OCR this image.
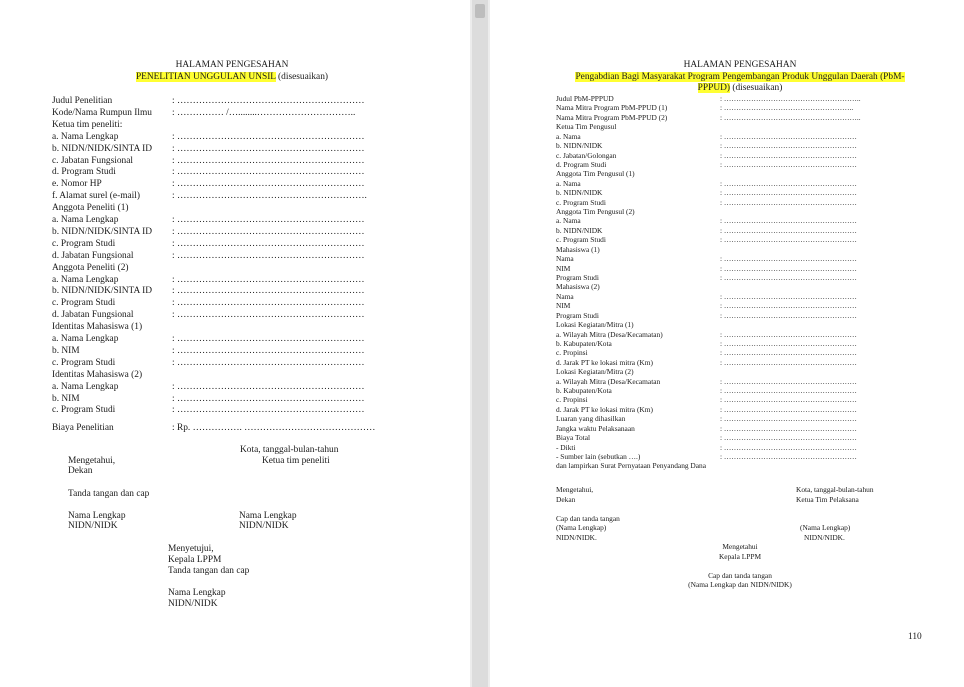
HALAMAN PENGESAHAN
PENELITIAN UNGGULAN UNSIL (disesuaikan)
Judul Penelitian	: ……………………………………………………
Kode/Nama Rumpun Ilmu : …………… /…........…………………………..
Ketua tim peneliti:
a. Nama Lengkap	: ……………………………………………………
b. NIDN/NIDK/SINTA ID : ……………………………………………………
c. Jabatan Fungsional	: ……………………………………………………
d. Program Studi	: ……………………………………………………
e. Nomor HP	: ……………………………………………………
f. Alamat surel (e-mail)	: …………………………………………………….
Anggota Peneliti (1)
a. Nama Lengkap	: ……………………………………………………
b. NIDN/NIDK/SINTA ID : ……………………………………………………
c. Program Studi	: ……………………………………………………
d. Jabatan Fungsional	: ……………………………………………………
Anggota Peneliti (2)
a. Nama Lengkap	: ……………………………………………………
b. NIDN/NIDK/SINTA ID : ……………………………………………………
c. Program Studi	: ……………………………………………………
d. Jabatan Fungsional	: ……………………………………………………
Identitas Mahasiswa (1)
a. Nama Lengkap	: ……………………………………………………
b. NIM	: ……………………………………………………
c. Program Studi	: ……………………………………………………
Identitas Mahasiswa (2)
a. Nama Lengkap	: ……………………………………………………
b. NIM	: ……………………………………………………
c. Program Studi	: ……………………………………………………
Biaya Penelitian	: Rp. ……………. ……………………………………
Kota, tanggal-bulan-tahun
Mengetahui,	Ketua tim peneliti
Dekan
Tanda tangan dan cap
Nama Lengkap	Nama Lengkap
NIDN/NIDK	NIDN/NIDK
Menyetujui,
Kepala LPPM
Tanda tangan dan cap
Nama Lengkap
NIDN/NIDK
HALAMAN PENGESAHAN
Pengabdian Bagi Masyarakat Program Pengembangan Produk Unggulan Daerah (PbM-
PPPUD) (disesuaikan)
Judul PbM-PPPUD	: ………………………………………………..
Nama Mitra Program PbM-PPUD (1)	: ……………………………………………..
Nama Mitra Program PbM-PPUD (2)	: ………………………………………………..
Ketua Tim Pengusul
a. Nama	: ………………………………………………
b. NIDN/NIDK	: ………………………………………………
c. Jabatan/Golongan	: ………………………………………………
d. Program Studi	: ………………………………………………
Anggota Tim Pengusul (1)
a. Nama	: ………………………………………………
b. NIDN/NIDK	: ………………………………………………
c. Program Studi	: ………………………………………………
Anggota Tim Pengusul (2)
a. Nama	: ………………………………………………
b. NIDN/NIDK	: ………………………………………………
c. Program Studi	: ………………………………………………
Mahasiswa (1)
Nama	: ………………………………………………
NIM	: ………………………………………………
Program Studi	: ………………………………………………
Mahasiswa (2)
Nama	: ………………………………………………
NIM	: ………………………………………………
Program Studi	: ………………………………………………
Lokasi Kegiatan/Mitra (1)
a. Wilayah Mitra (Desa/Kecamatan)	: ………………………………………………
b. Kabupaten/Kota	: ………………………………………………
c. Propinsi	: ………………………………………………
d. Jarak PT ke lokasi mitra (Km)	: ………………………………………………
Lokasi Kegiatan/Mitra (2)
a. Wilayah Mitra (Desa/Kecamatan	: ………………………………………………
b. Kabupaten/Kota	: ………………………………………………
c. Propinsi	: ………………………………………………
d. Jarak PT ke lokasi mitra (Km)	: ………………………………………………
Luaran yang dihasilkan	: ………………………………………………
Jangka waktu Pelaksanaan	: ………………………………………………
Biaya Total	: ………………………………………………
- Dikti	: ………………………………………………
- Sumber lain (sebutkan ….)	: ………………………………………………
dan lampirkan Surat Pernyataan Penyandang Dana
Mengetahui,	Kota, tanggal-bulan-tahun
Dekan	Ketua Tim Pelaksana
Cap dan tanda tangan
(Nama Lengkap)	(Nama Lengkap)
NIDN/NIDK.	NIDN/NIDK.
Mengetahui
Kepala LPPM
Cap dan tanda tangan
(Nama Lengkap dan NIDN/NIDK)
110
